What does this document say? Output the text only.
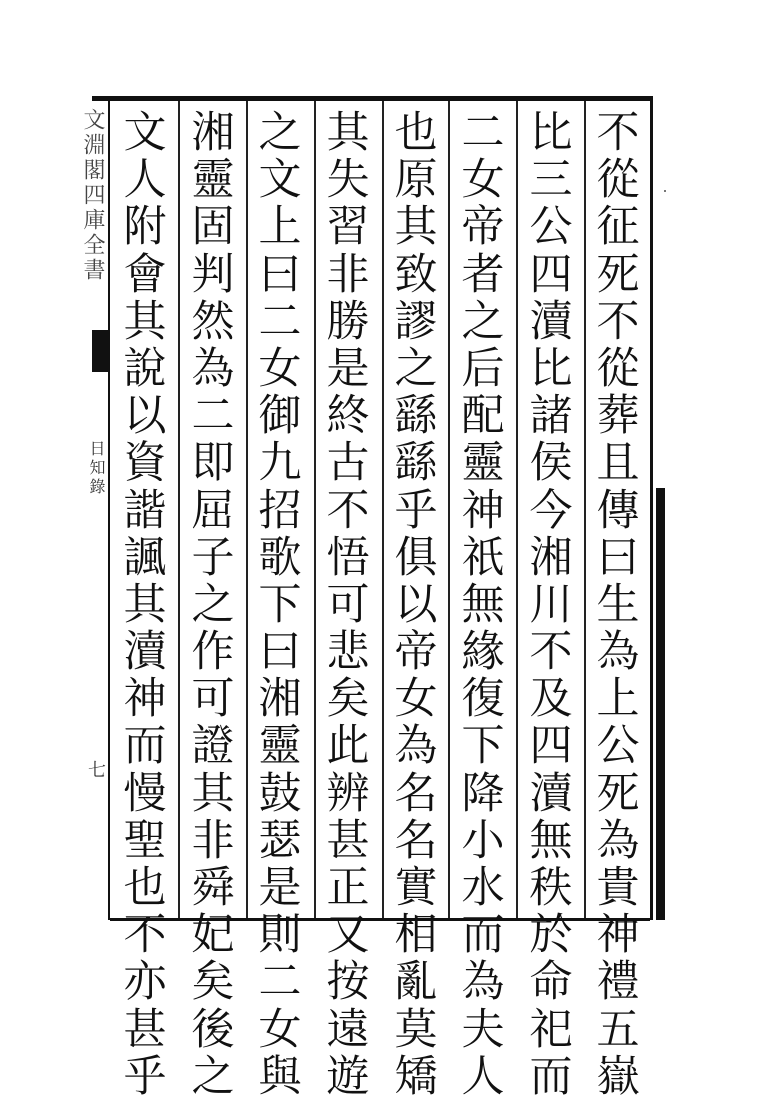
文淵閣四庫全書
日知錄
七
不
從
征
死
不
從
葬
且
傳
曰
生
為
上
公
死
為
貴
神
禮
五
嶽
比
三
公
四
瀆
比
諸
侯
今
湘
川
不
及
四
瀆
無
秩
於
命
祀
而
二
女
帝
者
之
后
配
靈
神
祇
無
緣
復
下
降
小
水
而
為
夫
人
也
原
其
致
謬
之
繇
繇
乎
俱
以
帝
女
為
名
名
實
相
亂
莫
矯
其
失
習
非
勝
是
終
古
不
悟
可
悲
矣
此
辨
甚
正
又
按
遠
遊
之
文
上
曰
二
女
御
九
招
歌
下
曰
湘
靈
鼓
瑟
是
則
二
女
與
湘
靈
固
判
然
為
二
即
屈
子
之
作
可
證
其
非
舜
妃
矣
後
之
文
人
附
會
其
說
以
資
諧
諷
其
瀆
神
而
慢
聖
也
不
亦
甚
乎
